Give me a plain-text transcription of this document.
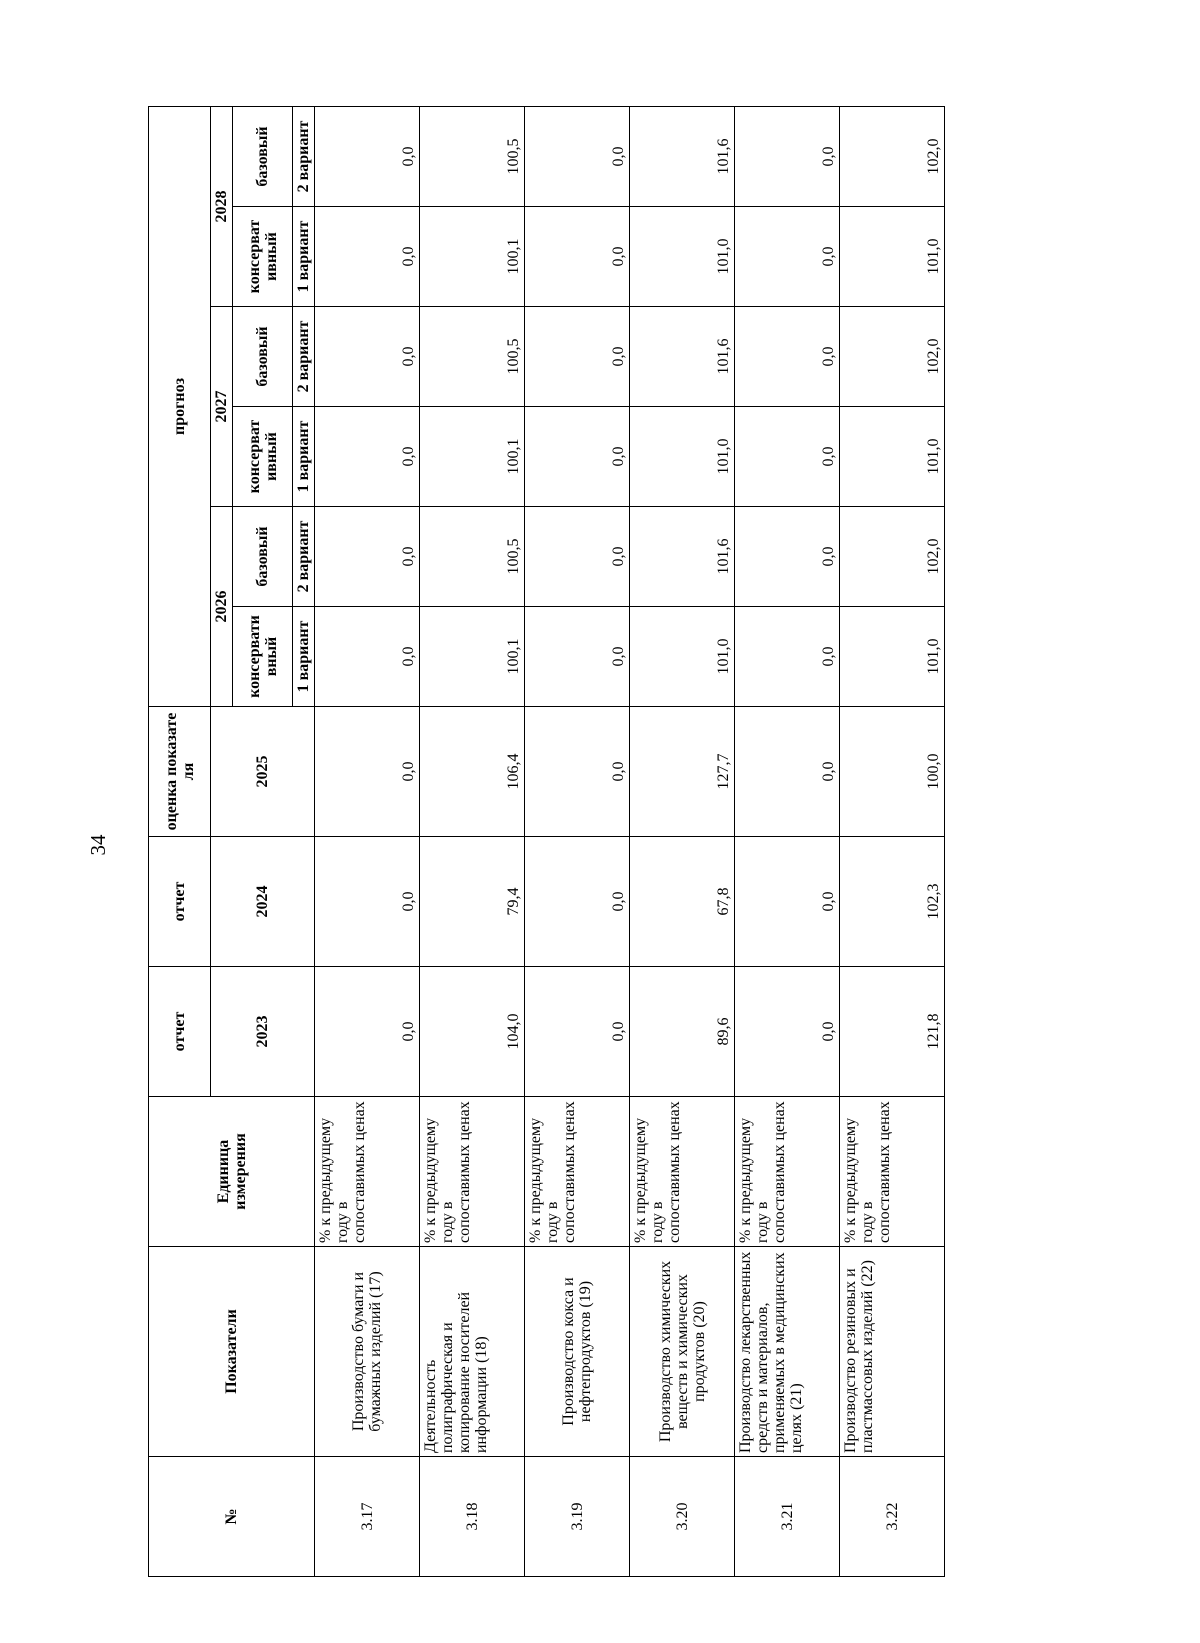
34
№	Показатели	Единица измерения	отчет	отчет	оценка показате ля	прогноз					
			2023	2024	2025	2026		2027		2028	
						консервати вный	базовый	консерват ивный	базовый	консерват ивный	базовый
						1 вариант	2 вариант	1 вариант	2 вариант	1 вариант	2 вариант
3.17	Производство бумаги и бумажных изделий (17)	% к предыдущему году в сопоставимых ценах	0,0	0,0	0,0	0,0	0,0	0,0	0,0	0,0	0,0
3.18	Деятельность полиграфическая и копирование носителей информации (18)	% к предыдущему году в сопоставимых ценах	104,0	79,4	106,4	100,1	100,5	100,1	100,5	100,1	100,5
3.19	Производство кокса и нефтепродуктов (19)	% к предыдущему году в сопоставимых ценах	0,0	0,0	0,0	0,0	0,0	0,0	0,0	0,0	0,0
3.20	Производство химических веществ и химических продуктов (20)	% к предыдущему году в сопоставимых ценах	89,6	67,8	127,7	101,0	101,6	101,0	101,6	101,0	101,6
3.21	Производство лекарственных средств и материалов, применяемых в медицинских целях (21)	% к предыдущему году в сопоставимых ценах	0,0	0,0	0,0	0,0	0,0	0,0	0,0	0,0	0,0
3.22	Производство резиновых и пластмассовых изделий (22)	% к предыдущему году в сопоставимых ценах	121,8	102,3	100,0	101,0	102,0	101,0	102,0	101,0	102,0
